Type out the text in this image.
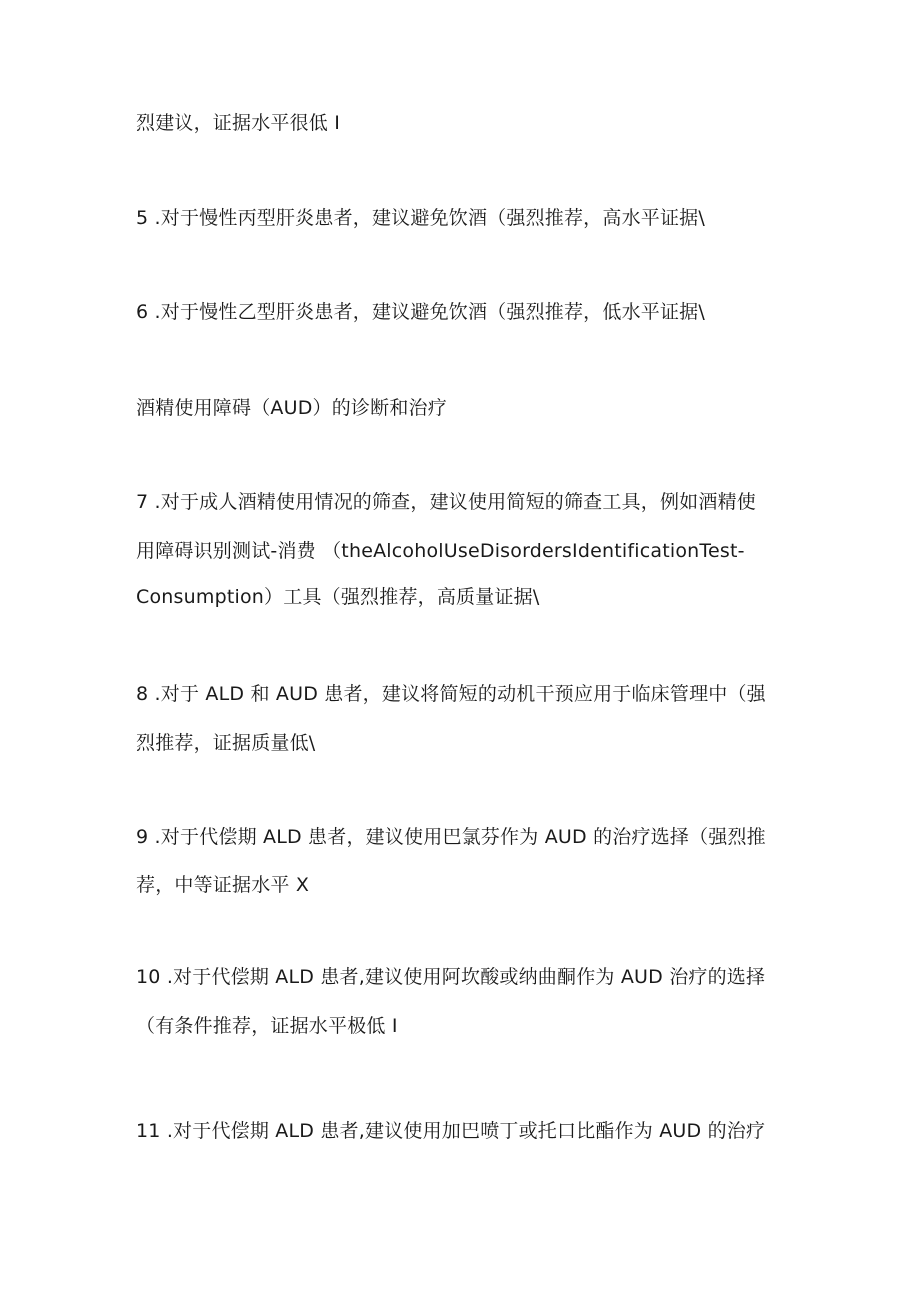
烈建议，证据水平很低 I
5 .对于慢性丙型肝炎患者，建议避免饮酒（强烈推荐，高水平证据\
6 .对于慢性乙型肝炎患者，建议避免饮酒（强烈推荐，低水平证据\
酒精使用障碍（AUD）的诊断和治疗
7 .对于成人酒精使用情况的筛查，建议使用简短的筛查工具，例如酒精使
用障碍识别测试-消费 （theAlcoholUseDisordersIdentificationTest-
Consumption）工具（强烈推荐，高质量证据\
8 .对于 ALD 和 AUD 患者，建议将简短的动机干预应用于临床管理中（强
烈推荐，证据质量低\
9 .对于代偿期 ALD 患者，建议使用巴氯芬作为 AUD 的治疗选择（强烈推
荐，中等证据水平 X
10 .对于代偿期 ALD 患者,建议使用阿坎酸或纳曲酮作为 AUD 治疗的选择
（有条件推荐，证据水平极低 I
11 .对于代偿期 ALD 患者,建议使用加巴喷丁或托口比酯作为 AUD 的治疗
